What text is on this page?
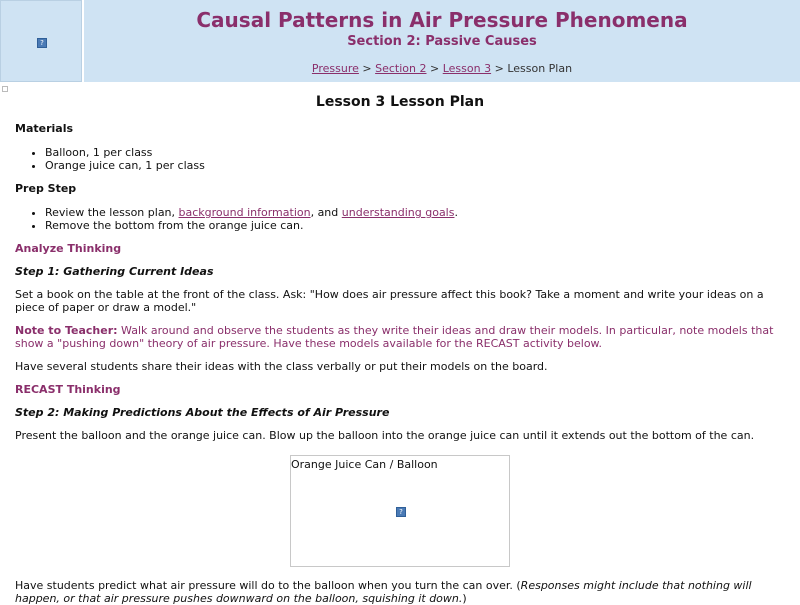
?
Causal Patterns in Air Pressure Phenomena
Section 2: Passive Causes
Pressure > Section 2 > Lesson 3 > Lesson Plan
Lesson 3 Lesson Plan

Materials

• Balloon, 1 per class
• Orange juice can, 1 per class

Prep Step

• Review the lesson plan, background information, and understanding goals.
• Remove the bottom from the orange juice can.

Analyze Thinking

Step 1: Gathering Current Ideas

Set a book on the table at the front of the class. Ask: "How does air pressure affect this book? Take a moment and write your ideas on a piece of paper or draw a model."

Note to Teacher: Walk around and observe the students as they write their ideas and draw their models. In particular, note models that show a "pushing down" theory of air pressure. Have these models available for the RECAST activity below.

Have several students share their ideas with the class verbally or put their models on the board.

RECAST Thinking

Step 2: Making Predictions About the Effects of Air Pressure

Present the balloon and the orange juice can. Blow up the balloon into the orange juice can until it extends out the bottom of the can.

Orange Juice Can / Balloon
?
Have students predict what air pressure will do to the balloon when you turn the can over. (Responses might include that nothing will happen, or that air pressure pushes downward on the balloon, squishing it down.)
